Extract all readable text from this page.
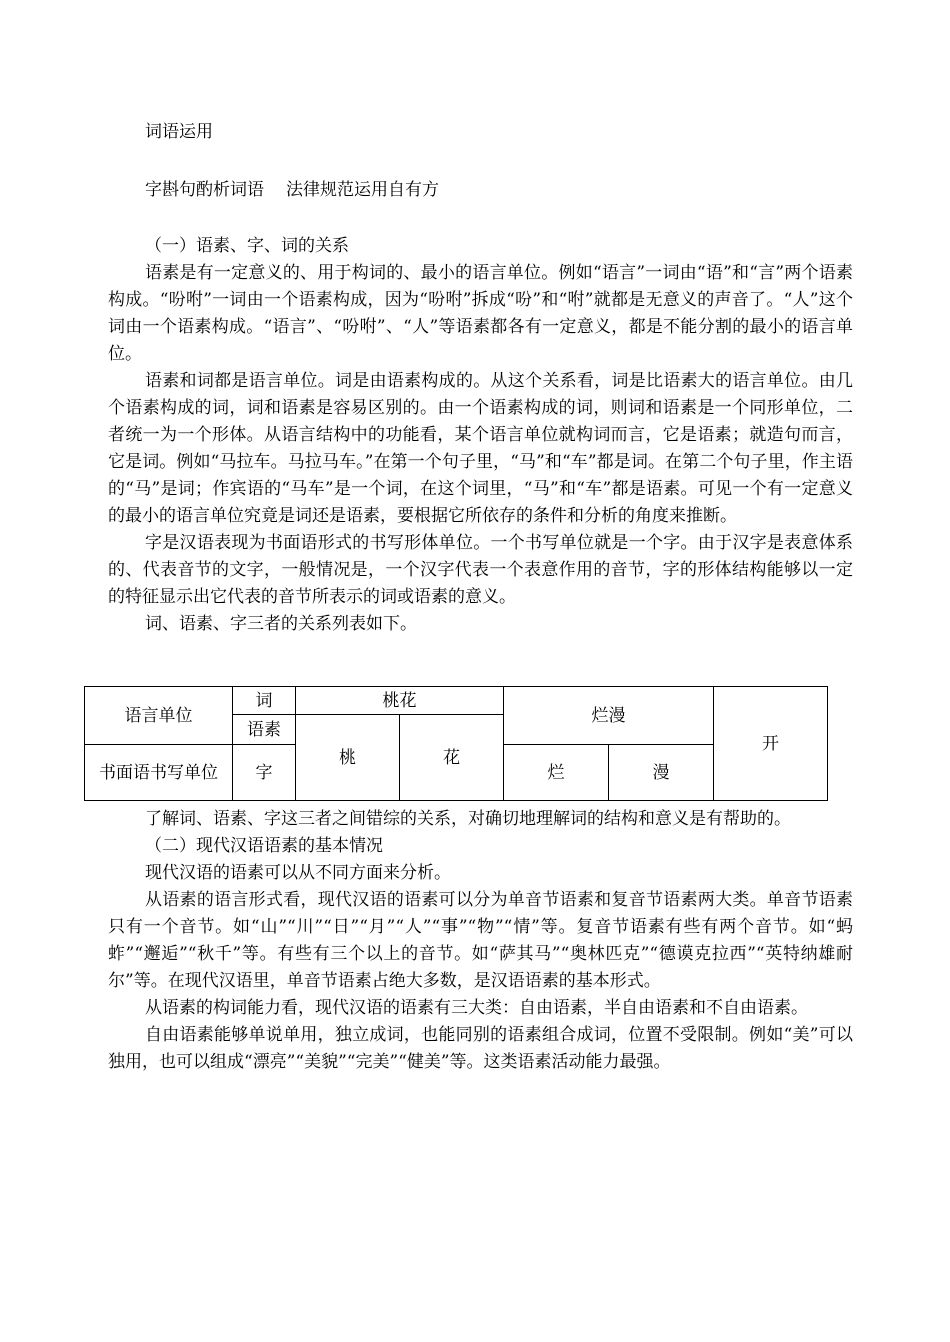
词语运用
字斟句酌析词语 法律规范运用自有方

（一）语素、字、词的关系

语素是有一定意义的、用于构词的、最小的语言单位。例如“语言”一词由“语”和“言”两个语素构成。“吩咐”一词由一个语素构成，因为“吩咐”拆成“吩”和“咐”就都是无意义的声音了。“人”这个词由一个语素构成。“语言”、“吩咐”、“人”等语素都各有一定意义，都是不能分割的最小的语言单位。

语素和词都是语言单位。词是由语素构成的。从这个关系看，词是比语素大的语言单位。由几个语素构成的词，词和语素是容易区别的。由一个语素构成的词，则词和语素是一个同形单位，二者统一为一个形体。从语言结构中的功能看，某个语言单位就构词而言，它是语素；就造句而言，它是词。例如“马拉车。马拉马车。”在第一个句子里，“马”和“车”都是词。在第二个句子里，作主语的“马”是词；作宾语的“马车”是一个词，在这个词里，“马”和“车”都是语素。可见一个有一定意义的最小的语言单位究竟是词还是语素，要根据它所依存的条件和分析的角度来推断。

字是汉语表现为书面语形式的书写形体单位。一个书写单位就是一个字。由于汉字是表意体系的、代表音节的文字，一般情况是，一个汉字代表一个表意作用的音节，字的形体结构能够以一定的特征显示出它代表的音节所表示的词或语素的意义。

词、语素、字三者的关系列表如下。

语言单位	词	桃花		烂漫		开
	语素	桃	花			
书面语书写单位	字			烂	漫	

了解词、语素、字这三者之间错综的关系，对确切地理解词的结构和意义是有帮助的。

（二）现代汉语语素的基本情况

现代汉语的语素可以从不同方面来分析。

从语素的语言形式看，现代汉语的语素可以分为单音节语素和复音节语素两大类。单音节语素只有一个音节。如“山”“川”“日”“月”“人”“事”“物”“情”等。复音节语素有些有两个音节。如“蚂蚱”“邂逅”“秋千”等。有些有三个以上的音节。如“萨其马”“奥林匹克”“德谟克拉西”“英特纳雄耐尔”等。在现代汉语里，单音节语素占绝大多数，是汉语语素的基本形式。

从语素的构词能力看，现代汉语的语素有三大类：自由语素，半自由语素和不自由语素。

自由语素能够单说单用，独立成词，也能同别的语素组合成词，位置不受限制。例如“美”可以独用，也可以组成“漂亮”“美貌”“完美”“健美”等。这类语素活动能力最强。
